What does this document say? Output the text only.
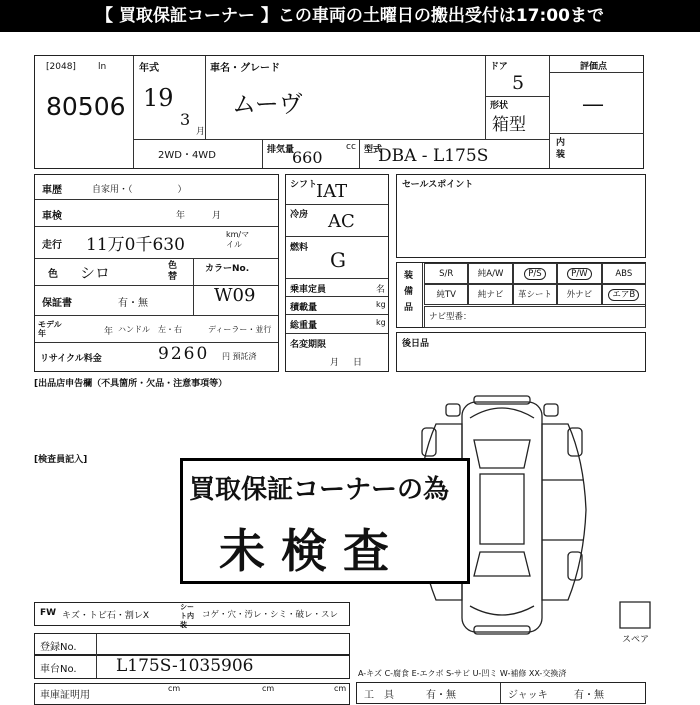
【 買取保証コーナー 】この車両の土曜日の搬出受付は17:00まで
[2048] ln
80506
年式
19
3
月
車名・グレード
ムーヴ
ドア
5
形状
箱型
評価点
—
内装
2WD・4WD	排気量
660
cc 型式
DBA - L175S
車歴	自家用・（　　　　　）
車検	年　　　月
走行 11万0千630
km/マイル
色 シロ	色替
カラーNo.
W09
保証書	有・無
モデル年	年 ハンドル　左・右	ディーラー・並行
リサイクル料金	9260 円 預託済
シフト
IAT
冷房 AC
燃料 G
乗車定員	名
積載量	kg
総重量	kg
名変期限
月日
セールスポイント
装備品
S/R	純A/W	P/S	P/W	ABS
純TV	純ナビ	革シート	外ナビ	エアB
ナビ型番：
後日品
[出品店申告欄（不具箇所・欠品・注意事項等）
[検査員記入]
スペア
買取保証コーナーの為
未 検 査
FW キズ・トビ石・割レX
シート内装
コゲ・穴・汚レ・シミ・破レ・スレ
登録No.
車台No. L175S-1035906
車庫証明用
cm	cm	cm
A-キズ C-腐食 E-エクボ S-サビ U-凹ミ W-補修 XX-交換済
工　具	有・無	ジャッキ	有・無
